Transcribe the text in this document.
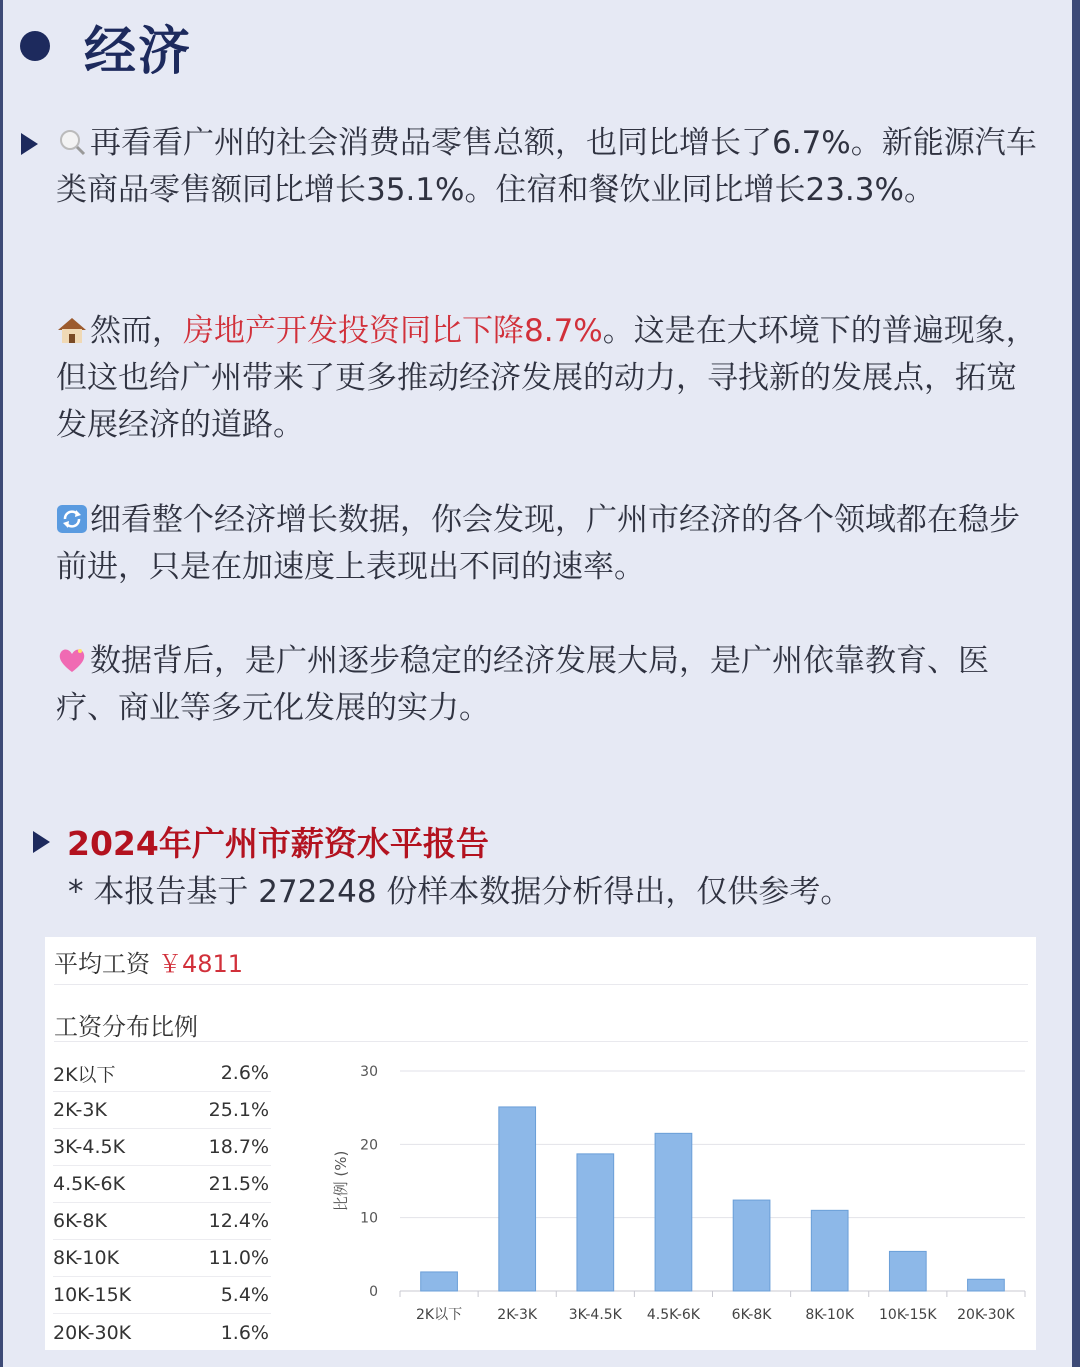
经济
再看看广州的社会消费品零售总额，也同比增长了6.7%。新能源汽车类商品零售额同比增长35.1%。住宿和餐饮业同比增长23.3%。
然而，房地产开发投资同比下降8.7%。这是在大环境下的普遍现象，但这也给广州带来了更多推动经济发展的动力，寻找新的发展点，拓宽发展经济的道路。
细看整个经济增长数据，你会发现，广州市经济的各个领域都在稳步前进，只是在加速度上表现出不同的速率。
数据背后，是广州逐步稳定的经济发展大局，是广州依靠教育、医疗、商业等多元化发展的实力。
2024年广州市薪资水平报告
* 本报告基于 272248 份样本数据分析得出，仅供参考。
平均工资 ￥4811
工资分布比例
2K以下	2.6%
2K-3K	25.1%
3K-4.5K	18.7%
4.5K-6K	21.5%
6K-8K	12.4%
8K-10K	11.0%
10K-15K	5.4%
20K-30K	1.6%
0
10
20
30
比例 (%)
2K以下	2K-3K 3K-4.5K 4.5K-6K 6K-8K 8K-10K 10K-15K 20K-30K
